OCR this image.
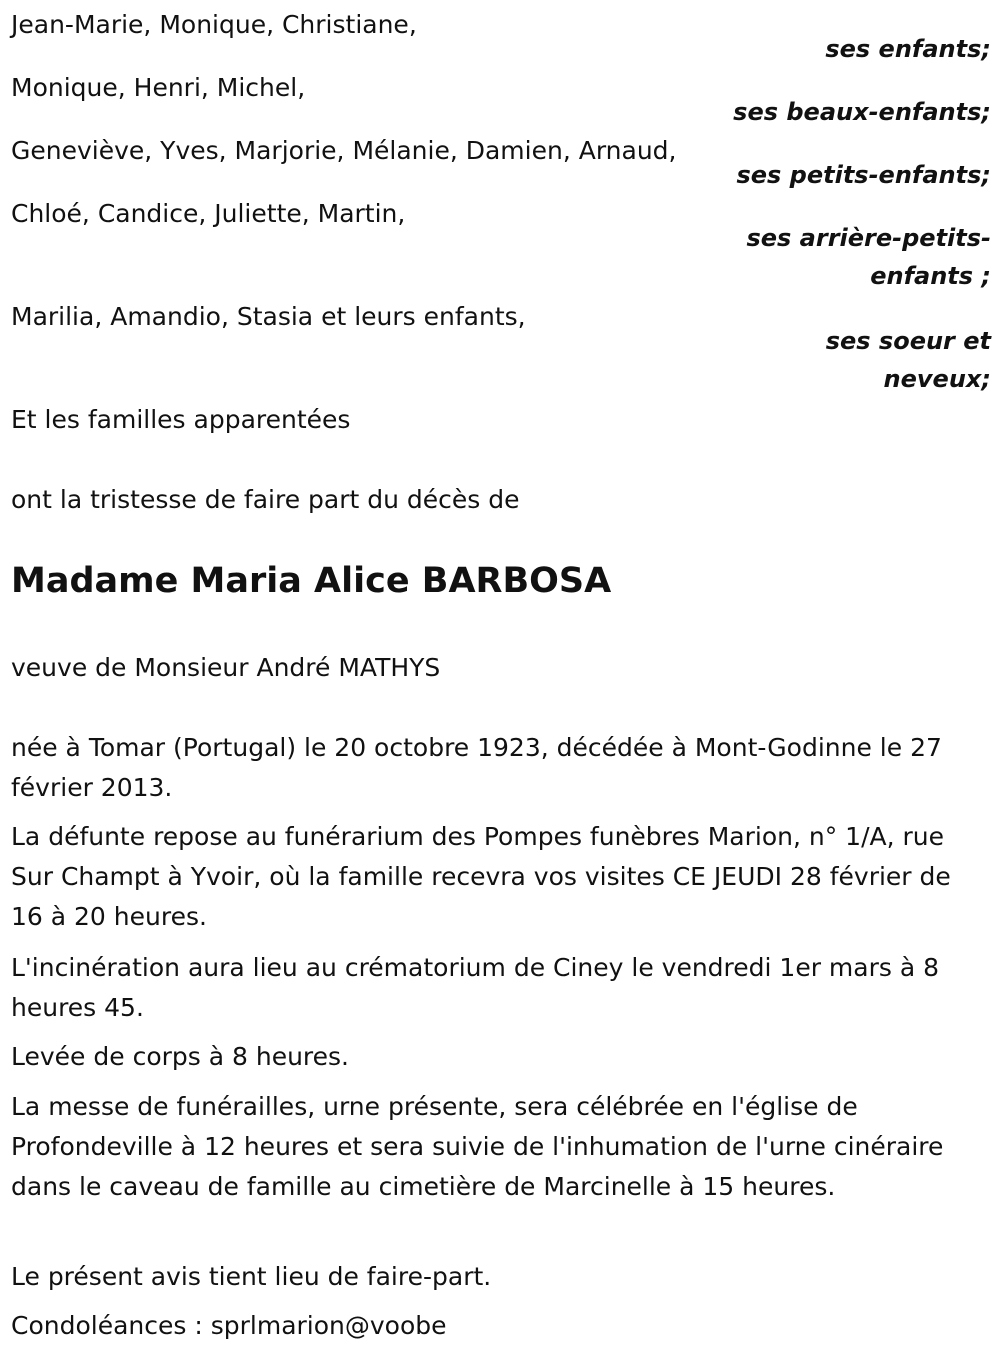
Jean-Marie, Monique, Christiane,
ses enfants;
Monique, Henri, Michel,
ses beaux-enfants;
Geneviève, Yves, Marjorie, Mélanie, Damien, Arnaud,
ses petits-enfants;
Chloé, Candice, Juliette, Martin,
ses arrière-petits-enfants ;
Marilia, Amandio, Stasia et leurs enfants,
ses soeur et neveux;
Et les familles apparentées
ont la tristesse de faire part du décès de
Madame Maria Alice BARBOSA
veuve de Monsieur André MATHYS
née à Tomar (Portugal) le 20 octobre 1923, décédée à Mont-Godinne le 27 février 2013.
La défunte repose au funérarium des Pompes funèbres Marion, n° 1/A, rue Sur Champt à Yvoir, où la famille recevra vos visites CE JEUDI 28 février de 16 à 20 heures.
L'incinération aura lieu au crématorium de Ciney le vendredi 1er mars à 8 heures 45.
Levée de corps à 8 heures.
La messe de funérailles, urne présente, sera célébrée en l'église de Profondeville à 12 heures et sera suivie de l'inhumation de l'urne cinéraire dans le caveau de famille au cimetière de Marcinelle à 15 heures.
Le présent avis tient lieu de faire-part.
Condoléances : sprlmarion@voobe
